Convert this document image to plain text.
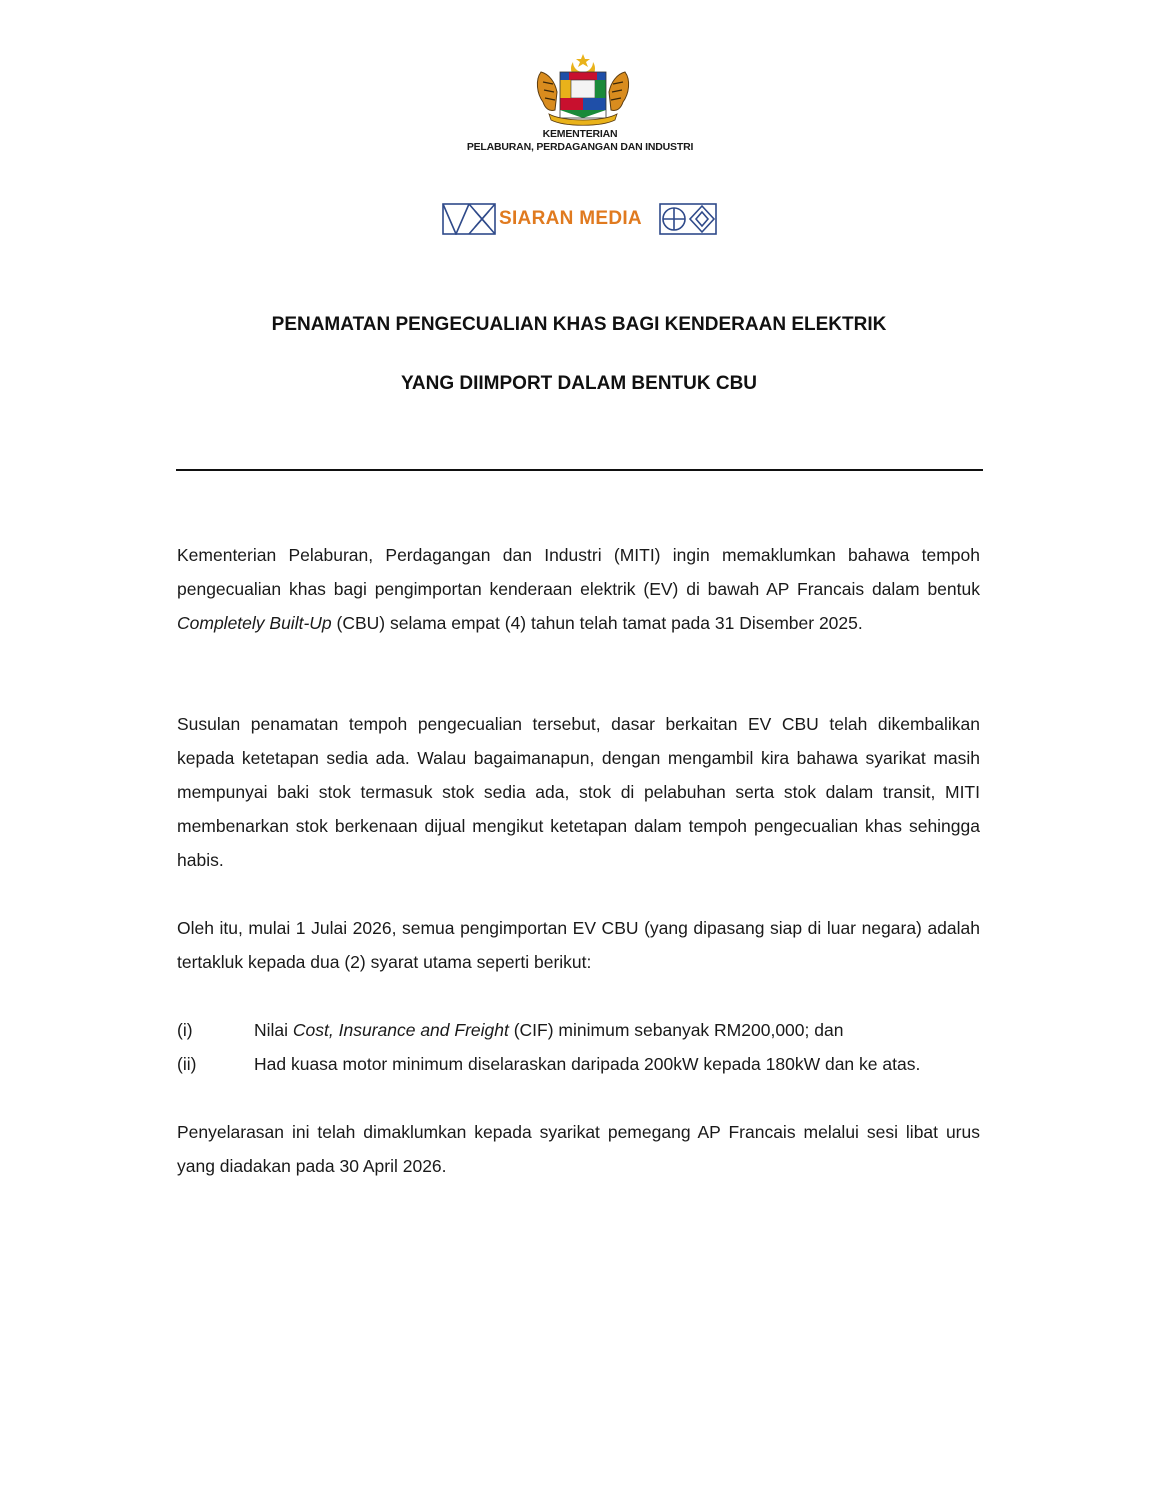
KEMENTERIAN
PELABURAN, PERDAGANGAN DAN INDUSTRI
SIARAN MEDIA
PENAMATAN PENGECUALIAN KHAS BAGI KENDERAAN ELEKTRIK
YANG DIIMPORT DALAM BENTUK CBU
Kementerian Pelaburan, Perdagangan dan Industri (MITI) ingin memaklumkan bahawa tempoh pengecualian khas bagi pengimportan kenderaan elektrik (EV) di bawah AP Francais dalam bentuk Completely Built-Up (CBU) selama empat (4) tahun telah tamat pada 31 Disember 2025.
Susulan penamatan tempoh pengecualian tersebut, dasar berkaitan EV CBU telah dikembalikan kepada ketetapan sedia ada. Walau bagaimanapun, dengan mengambil kira bahawa syarikat masih mempunyai baki stok termasuk stok sedia ada, stok di pelabuhan serta stok dalam transit, MITI membenarkan stok berkenaan dijual mengikut ketetapan dalam tempoh pengecualian khas sehingga habis.
Oleh itu, mulai 1 Julai 2026, semua pengimportan EV CBU (yang dipasang siap di luar negara) adalah tertakluk kepada dua (2) syarat utama seperti berikut:
(i)	Nilai Cost, Insurance and Freight (CIF) minimum sebanyak RM200,000; dan
(ii)	Had kuasa motor minimum diselaraskan daripada 200kW kepada 180kW dan ke atas.
Penyelarasan ini telah dimaklumkan kepada syarikat pemegang AP Francais melalui sesi libat urus yang diadakan pada 30 April 2026.
